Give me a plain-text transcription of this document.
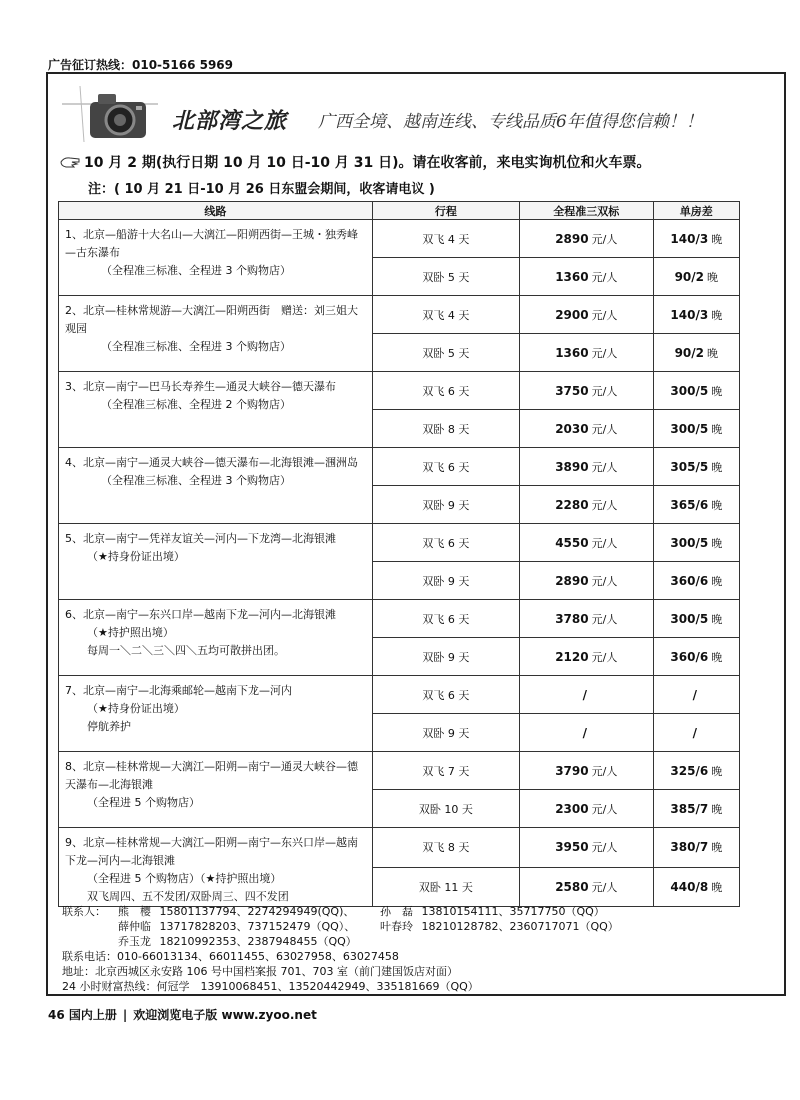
广告征订热线：010-5166 5969
北部湾之旅 广西全境、越南连线、专线品质6年值得您信赖！！
10 月 2 期(执行日期 10 月 10 日-10 月 31 日)。请在收客前，来电实询机位和火车票。
注：( 10 月 21 日-10 月 26 日东盟会期间，收客请电议 )
线路	行程	全程准三双标	单房差
1、北京—船游十大名山—大漓江—阳朔西街—王城・独秀峰—古东瀑布
（全程准三标准、全程进 3 个购物店）	双飞 4 天	2890 元/人	140/3 晚
	双卧 5 天	1360 元/人	90/2 晚
2、北京—桂林常规游—大漓江—阳朔西街　赠送：刘三姐大观园
（全程准三标准、全程进 3 个购物店）	双飞 4 天	2900 元/人	140/3 晚
	双卧 5 天	1360 元/人	90/2 晚
3、北京—南宁—巴马长寿养生—通灵大峡谷—德天瀑布
（全程准三标准、全程进 2 个购物店）	双飞 6 天	3750 元/人	300/5 晚
	双卧 8 天	2030 元/人	300/5 晚
4、北京—南宁—通灵大峡谷—德天瀑布—北海银滩—涠洲岛
（全程准三标准、全程进 3 个购物店）	双飞 6 天	3890 元/人	305/5 晚
	双卧 9 天	2280 元/人	365/6 晚
5、北京—南宁—凭祥友谊关—河内—下龙湾—北海银滩
（★持身份证出境）	双飞 6 天	4550 元/人	300/5 晚
	双卧 9 天	2890 元/人	360/6 晚
6、北京—南宁—东兴口岸—越南下龙—河内—北海银滩
（★持护照出境）
每周一＼二＼三＼四＼五均可散拼出团。	双飞 6 天	3780 元/人	300/5 晚
	双卧 9 天	2120 元/人	360/6 晚
7、北京—南宁—北海乘邮轮—越南下龙—河内
（★持身份证出境）
停航养护	双飞 6 天	/	/
	双卧 9 天	/	/
8、北京—桂林常规—大漓江—阳朔—南宁—通灵大峡谷—德天瀑布—北海银滩
（全程进 5 个购物店）	双飞 7 天	3790 元/人	325/6 晚
	双卧 10 天	2300 元/人	385/7 晚
9、北京—桂林常规—大漓江—阳朔—南宁—东兴口岸—越南下龙—河内—北海银滩
（全程进 5 个购物店）（★持护照出境）
双飞周四、五不发团/双卧周三、四不发团	双飞 8 天	3950 元/人	380/7 晚
	双卧 11 天	2580 元/人	440/8 晚
联系人： 熊　樱 15801137794、2274294949(QQ)、 孙　磊 13810154111、35717750（QQ）
薛仲临 13717828203、737152479（QQ）、 叶春玲 18210128782、2360717071（QQ）
乔玉龙 18210992353、2387948455（QQ）
联系电话：010-66013134、66011455、63027958、63027458
地址：北京西城区永安路 106 号中国档案报 701、703 室（前门建国饭店对面）
24 小时财富热线：何冠学　13910068451、13520442949、335181669（QQ）
46 国内上册 | 欢迎浏览电子版 www.zyoo.net
